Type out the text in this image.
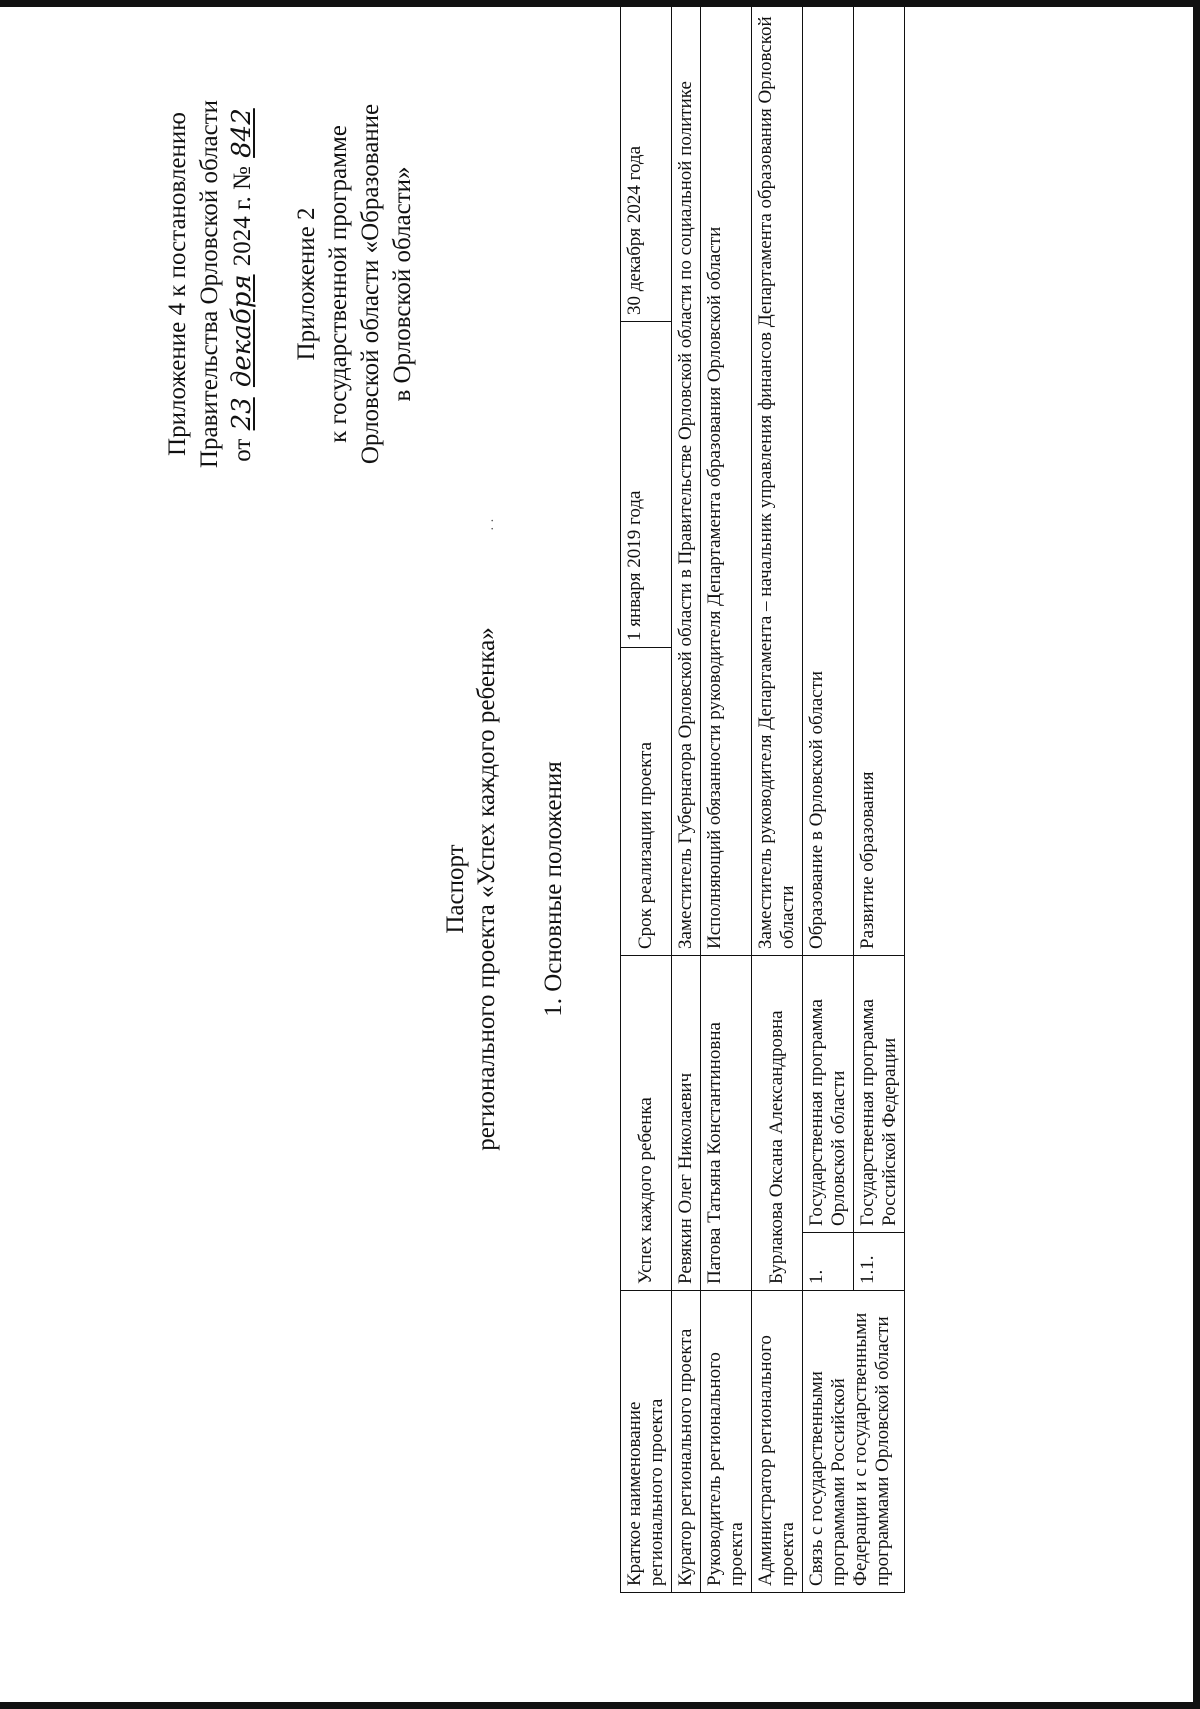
Приложение 4 к постановлению Правительства Орловской области от 23 декабря 2024 г. № 842
Приложение 2 к государственной программе Орловской области «Образование в Орловской области»
· ·
Паспорт регионального проекта «Успех каждого ребенка» 1. Основные положения
Краткое наименование регионального проекта	Успех каждого ребенка		Срок реализации проекта	1 января 2019 года	30 декабря 2024 года
Куратор регионального проекта	Ревякин Олег Николаевич		Заместитель Губернатора Орловской области в Правительстве Орловской области по социальной политике		
Руководитель регионального проекта	Патова Татьяна Константиновна		Исполняющий обязанности руководителя Департамента образования Орловской области		
Администратор регионального проекта	Бурлакова Оксана Александровна		Заместитель руководителя Департамента – начальник управления финансов Департамента образования Орловской области		
Связь с государственными программами Российской Федерации и с государственными программами Орловской области	1.	Государственная программа Орловской области	Образование в Орловской области		
	1.1.	Государственная программа Российской Федерации	Развитие образования		
